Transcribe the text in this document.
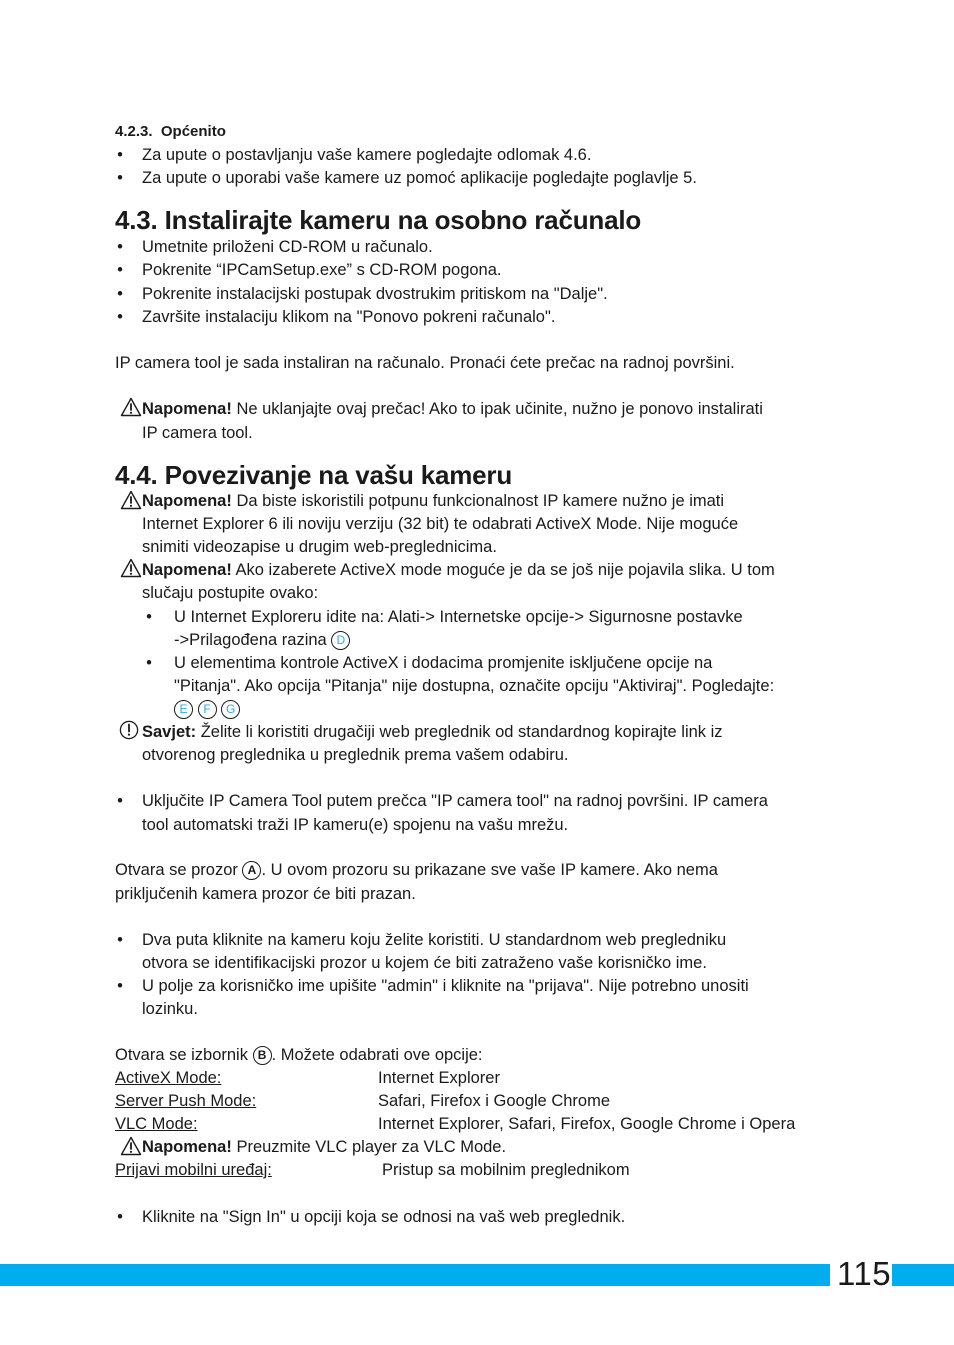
4.2.3. Općenito
• Za upute o postavljanju vaše kamere pogledajte odlomak 4.6.
• Za upute o uporabi vaše kamere uz pomoć aplikacije pogledajte poglavlje 5.
4.3. Instalirajte kameru na osobno računalo
• Umetnite priloženi CD-ROM u računalo.
• Pokrenite “IPCamSetup.exe” s CD-ROM pogona.
• Pokrenite instalacijski postupak dvostrukim pritiskom na "Dalje".
• Završite instalaciju klikom na "Ponovo pokreni računalo".
IP camera tool je sada instaliran na računalo. Pronaći ćete prečac na radnoj površini.
Napomena! Ne uklanjajte ovaj prečac! Ako to ipak učinite, nužno je ponovo instalirati
IP camera tool.
4.4. Povezivanje na vašu kameru
Napomena! Da biste iskoristili potpunu funkcionalnost IP kamere nužno je imati
Internet Explorer 6 ili noviju verziju (32 bit) te odabrati ActiveX Mode. Nije moguće
snimiti videozapise u drugim web-preglednicima.
Napomena! Ako izaberete ActiveX mode moguće je da se još nije pojavila slika. U tom
slučaju postupite ovako:
• U Internet Exploreru idite na: Alati-> Internetske opcije-> Sigurnosne postavke
->Prilagođena razina D
• U elementima kontrole ActiveX i dodacima promjenite isključene opcije na
"Pitanja". Ako opcija "Pitanja" nije dostupna, označite opciju "Aktiviraj". Pogledajte:
E F G
Savjet: Želite li koristiti drugačiji web preglednik od standardnog kopirajte link iz
otvorenog preglednika u preglednik prema vašem odabiru.
• Uključite IP Camera Tool putem prečca "IP camera tool" na radnoj površini. IP camera
tool automatski traži IP kameru(e) spojenu na vašu mrežu.
Otvara se prozor A . U ovom prozoru su prikazane sve vaše IP kamere. Ako nema
priključenih kamera prozor će biti prazan.
• Dva puta kliknite na kameru koju želite koristiti. U standardnom web pregledniku
otvora se identifikacijski prozor u kojem će biti zatraženo vaše korisničko ime.
• U polje za korisničko ime upišite "admin" i kliknite na "prijava". Nije potrebno unositi
lozinku.
Otvara se izbornik B . Možete odabrati ove opcije:
ActiveX Mode:	Internet Explorer
Server Push Mode:	Safari, Firefox i Google Chrome
VLC Mode:	Internet Explorer, Safari, Firefox, Google Chrome i Opera
Napomena! Preuzmite VLC player za VLC Mode.
Prijavi mobilni uređaj:	Pristup sa mobilnim preglednikom
• Kliknite na "Sign In" u opciji koja se odnosi na vaš web preglednik.
115
